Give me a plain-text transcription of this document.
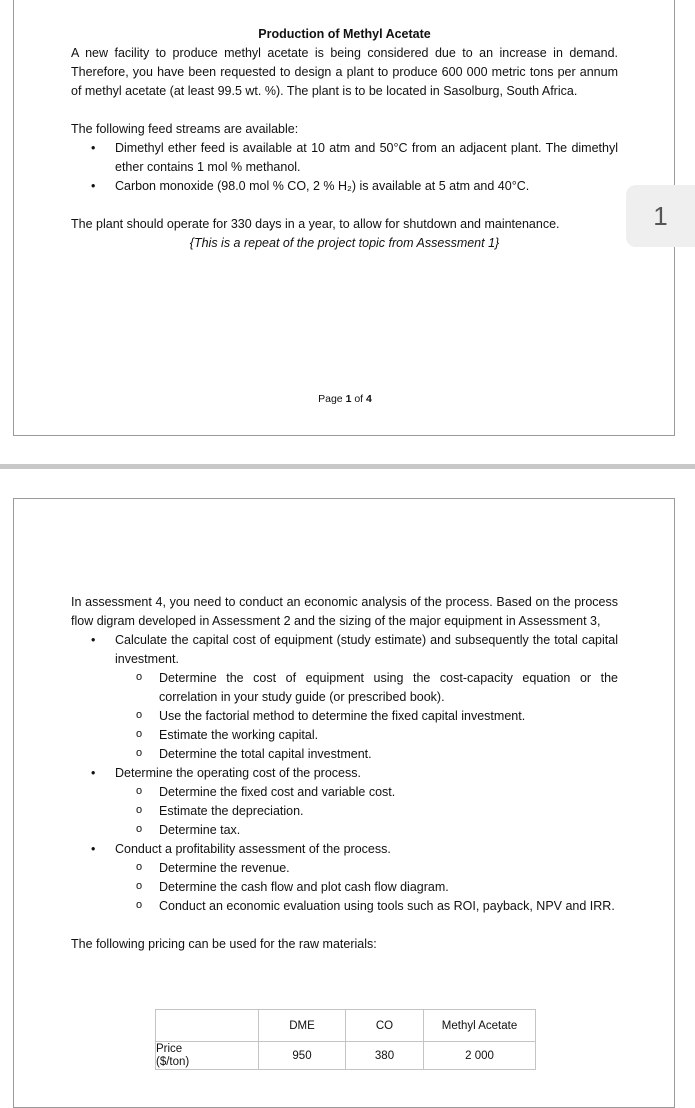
Production of Methyl Acetate

A new facility to produce methyl acetate is being considered due to an increase in demand. Therefore, you have been requested to design a plant to produce 600 000 metric tons per annum of methyl acetate (at least 99.5 wt. %). The plant is to be located in Sasolburg, South Africa.

The following feed streams are available:

• Dimethyl ether feed is available at 10 atm and 50°C from an adjacent plant. The dimethyl ether contains 1 mol % methanol.
• Carbon monoxide (98.0 mol % CO, 2 % H₂) is available at 5 atm and 40°C.

The plant should operate for 330 days in a year, to allow for shutdown and maintenance.

{This is a repeat of the project topic from Assessment 1}

Page 1 of 4
1

In assessment 4, you need to conduct an economic analysis of the process. Based on the process flow digram developed in Assessment 2 and the sizing of the major equipment in Assessment 3,

• Calculate the capital cost of equipment (study estimate) and subsequently the total capital investment.
o Determine the cost of equipment using the cost-capacity equation or the correlation in your study guide (or prescribed book).
o Use the factorial method to determine the fixed capital investment.
o Estimate the working capital.
o Determine the total capital investment.
• Determine the operating cost of the process.
o Determine the fixed cost and variable cost.
o Estimate the depreciation.
o Determine tax.
• Conduct a profitability assessment of the process.
o Determine the revenue.
o Determine the cash flow and plot cash flow diagram.
o Conduct an economic evaluation using tools such as ROI, payback, NPV and IRR.

The following pricing can be used for the raw materials:

	DME	CO	Methyl Acetate
Price
($/ton)	950	380	2 000
